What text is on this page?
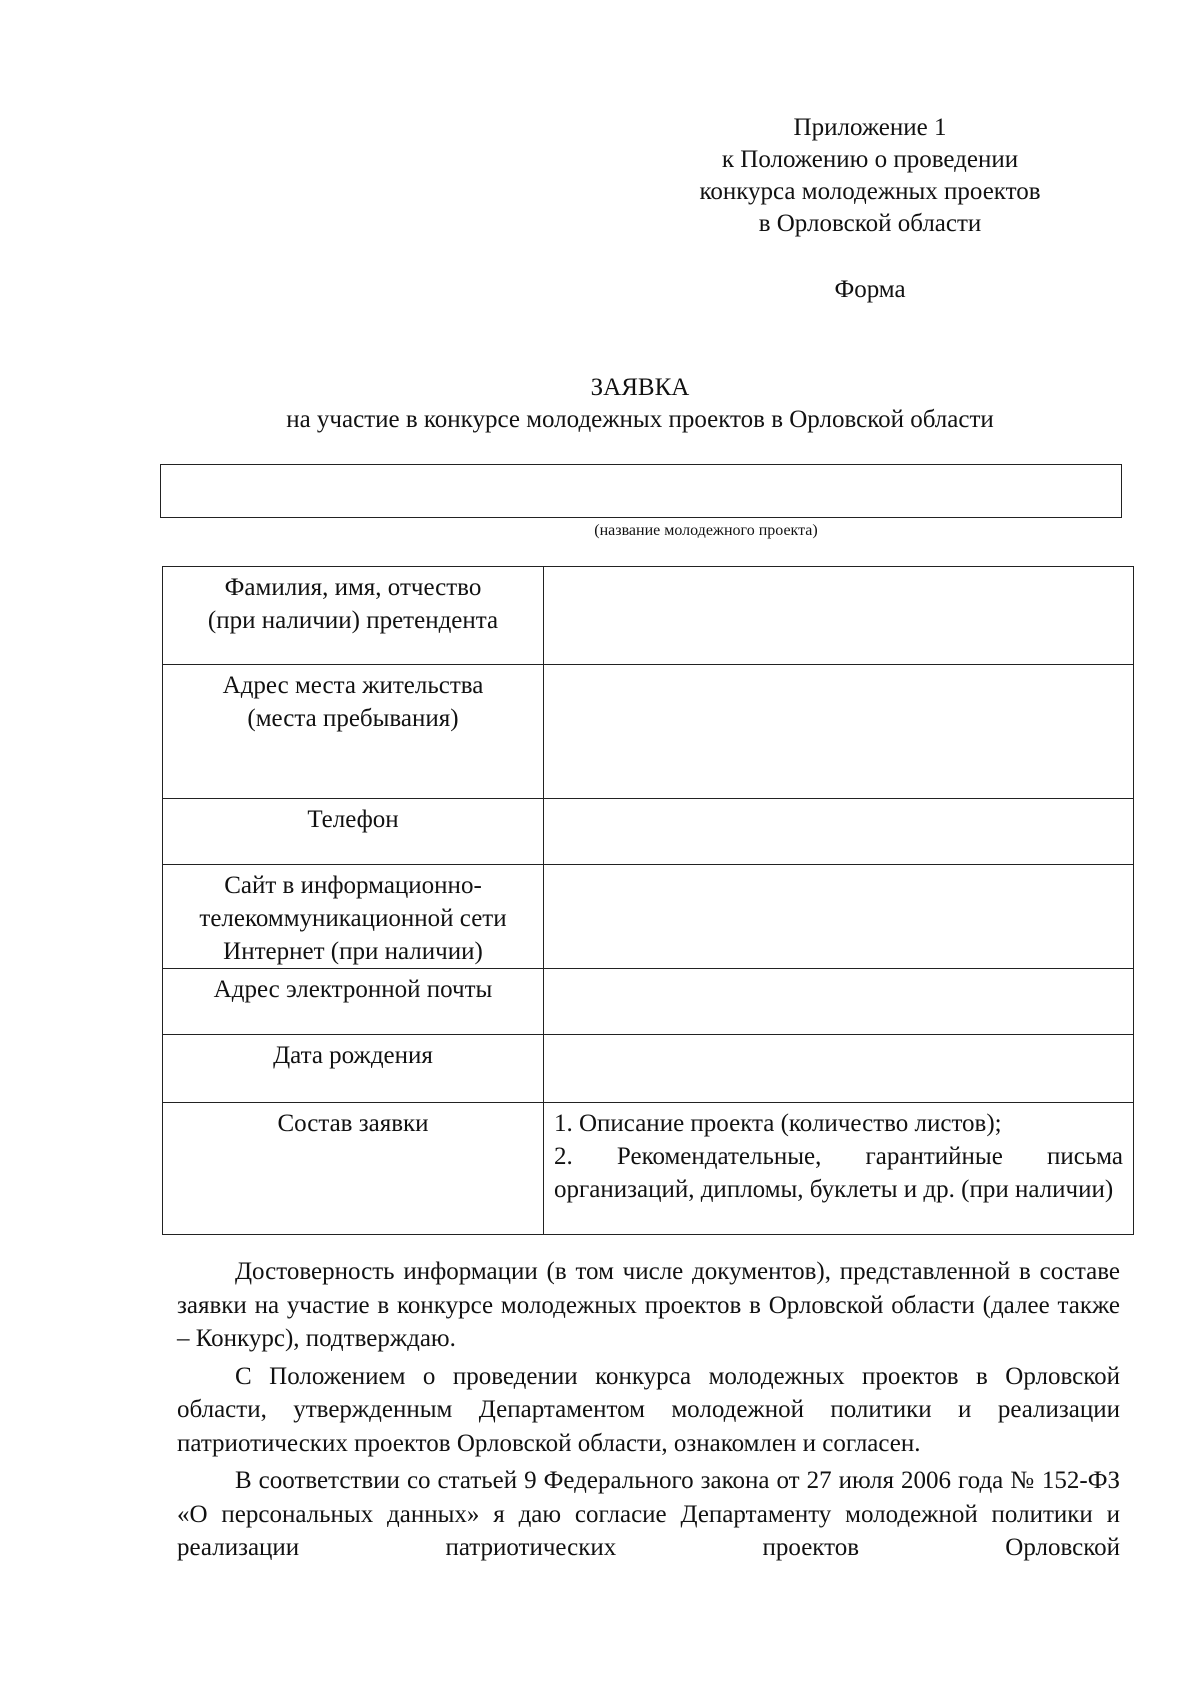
Приложение 1
к Положению о проведении
конкурса молодежных проектов
в Орловской области
Форма
ЗАЯВКА
на участие в конкурсе молодежных проектов в Орловской области
(название молодежного проекта)
Фамилия, имя, отчество
(при наличии) претендента	

Адрес места жительства
(места пребывания)	

Телефон	

Сайт в информационно-
телекоммуникационной сети
Интернет (при наличии)	

Адрес электронной почты	

Дата рождения	

Состав заявки	1. Описание проекта (количество листов);

2. Рекомендательные, гарантийные письма организаций, дипломы, буклеты и др. (при наличии)

Достоверность информации (в том числе документов), представленной в составе заявки на участие в конкурсе молодежных проектов в Орловской области (далее также – Конкурс), подтверждаю.

С Положением о проведении конкурса молодежных проектов в Орловской области, утвержденным Департаментом молодежной политики и реализации патриотических проектов Орловской области, ознакомлен и согласен.

В соответствии со статьей 9 Федерального закона от 27 июля 2006 года № 152-ФЗ «О персональных данных» я даю согласие Департаменту молодежной политики и реализации патриотических проектов Орловской
